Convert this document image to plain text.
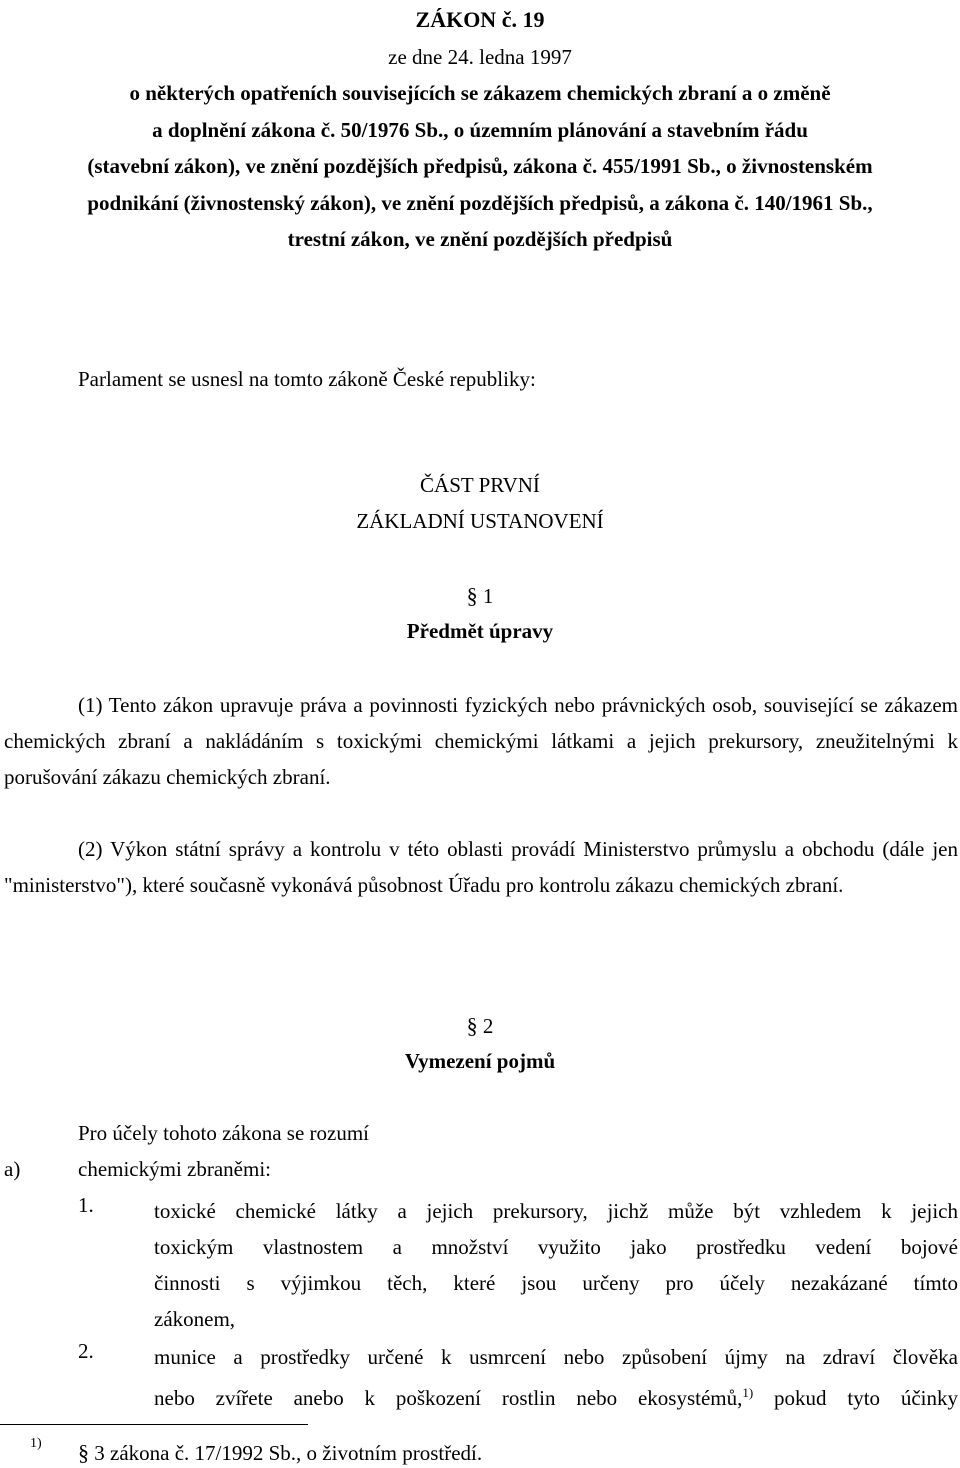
ZÁKON č. 19
ze dne 24. ledna 1997
o některých opatřeních souvisejících se zákazem chemických zbraní a o změně
a doplnění zákona č. 50/1976 Sb., o územním plánování a stavebním řádu
(stavební zákon), ve znění pozdějších předpisů, zákona č. 455/1991 Sb., o živnostenském
podnikání (živnostenský zákon), ve znění pozdějších předpisů, a zákona č. 140/1961 Sb.,
trestní zákon, ve znění pozdějších předpisů
Parlament se usnesl na tomto zákoně České republiky:
ČÁST PRVNÍ
ZÁKLADNÍ USTANOVENÍ
§ 1
Předmět úpravy
(1) Tento zákon upravuje práva a povinnosti fyzických nebo právnických osob, související se zákazem chemických zbraní a nakládáním s toxickými chemickými látkami a jejich prekursory, zneužitelnými k porušování zákazu chemických zbraní.
(2) Výkon státní správy a kontrolu v této oblasti provádí Ministerstvo průmyslu a obchodu (dále jen "ministerstvo"), které současně vykonává působnost Úřadu pro kontrolu zákazu chemických zbraní.
§ 2
Vymezení pojmů
Pro účely tohoto zákona se rozumí
a)	chemickými zbraněmi:
1.	toxické chemické látky a jejich prekursory, jichž může být vzhledem k jejich
toxickým vlastnostem a množství využito jako prostředku vedení bojové
činnosti s výjimkou těch, které jsou určeny pro účely nezakázané tímto
zákonem,
2.	munice a prostředky určené k usmrcení nebo způsobení újmy na zdraví člověka
nebo zvířete anebo k poškození rostlin nebo ekosystémů,$^{1)}$ pokud tyto účinky
1) § 3 zákona č. 17/1992 Sb., o životním prostředí.
